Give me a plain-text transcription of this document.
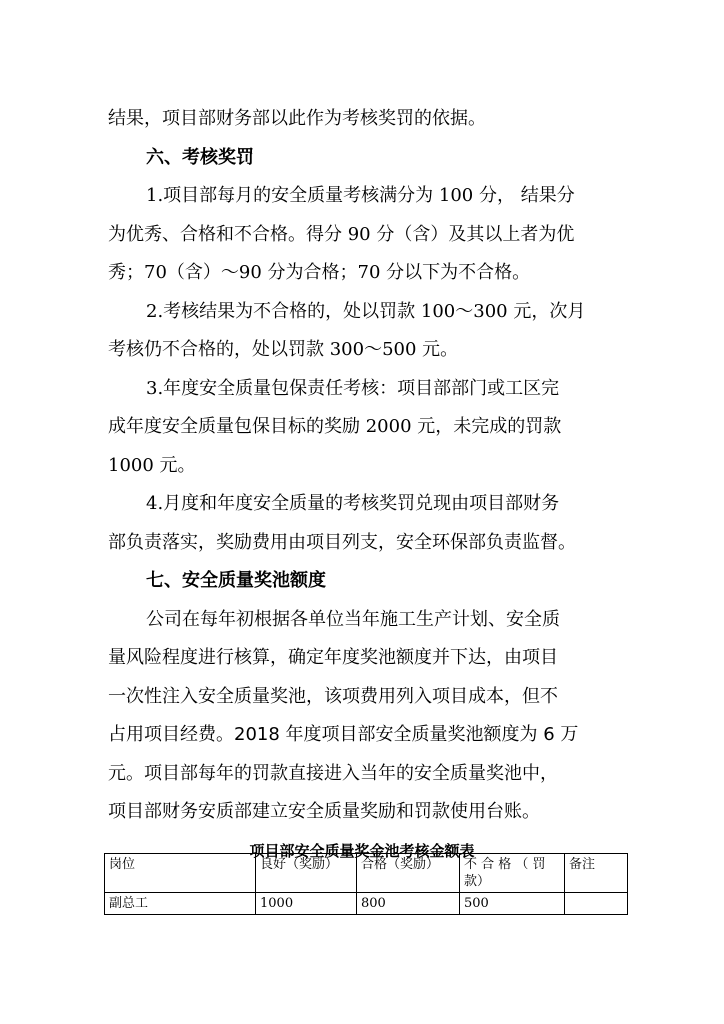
结果，项目部财务部以此作为考核奖罚的依据。

六、考核奖罚

1.项目部每月的安全质量考核满分为 100 分， 结果分
为优秀、合格和不合格。得分 90 分（含）及其以上者为优
秀；70（含）～90 分为合格；70 分以下为不合格。

2.考核结果为不合格的，处以罚款 100～300 元，次月
考核仍不合格的，处以罚款 300～500 元。

3.年度安全质量包保责任考核：项目部部门或工区完
成年度安全质量包保目标的奖励 2000 元，未完成的罚款
1000 元。

4.月度和年度安全质量的考核奖罚兑现由项目部财务
部负责落实，奖励费用由项目列支，安全环保部负责监督。

七、安全质量奖池额度

公司在每年初根据各单位当年施工生产计划、安全质
量风险程度进行核算，确定年度奖池额度并下达，由项目
一次性注入安全质量奖池，该项费用列入项目成本，但不
占用项目经费。2018 年度项目部安全质量奖池额度为 6 万
元。项目部每年的罚款直接进入当年的安全质量奖池中，
项目部财务安质部建立安全质量奖励和罚款使用台账。

项目部安全质量奖金池考核金额表
岗位	良好（奖励）	合格（奖励）	不 合 格 （ 罚 款）	备注
副总工	1000	800	500	
